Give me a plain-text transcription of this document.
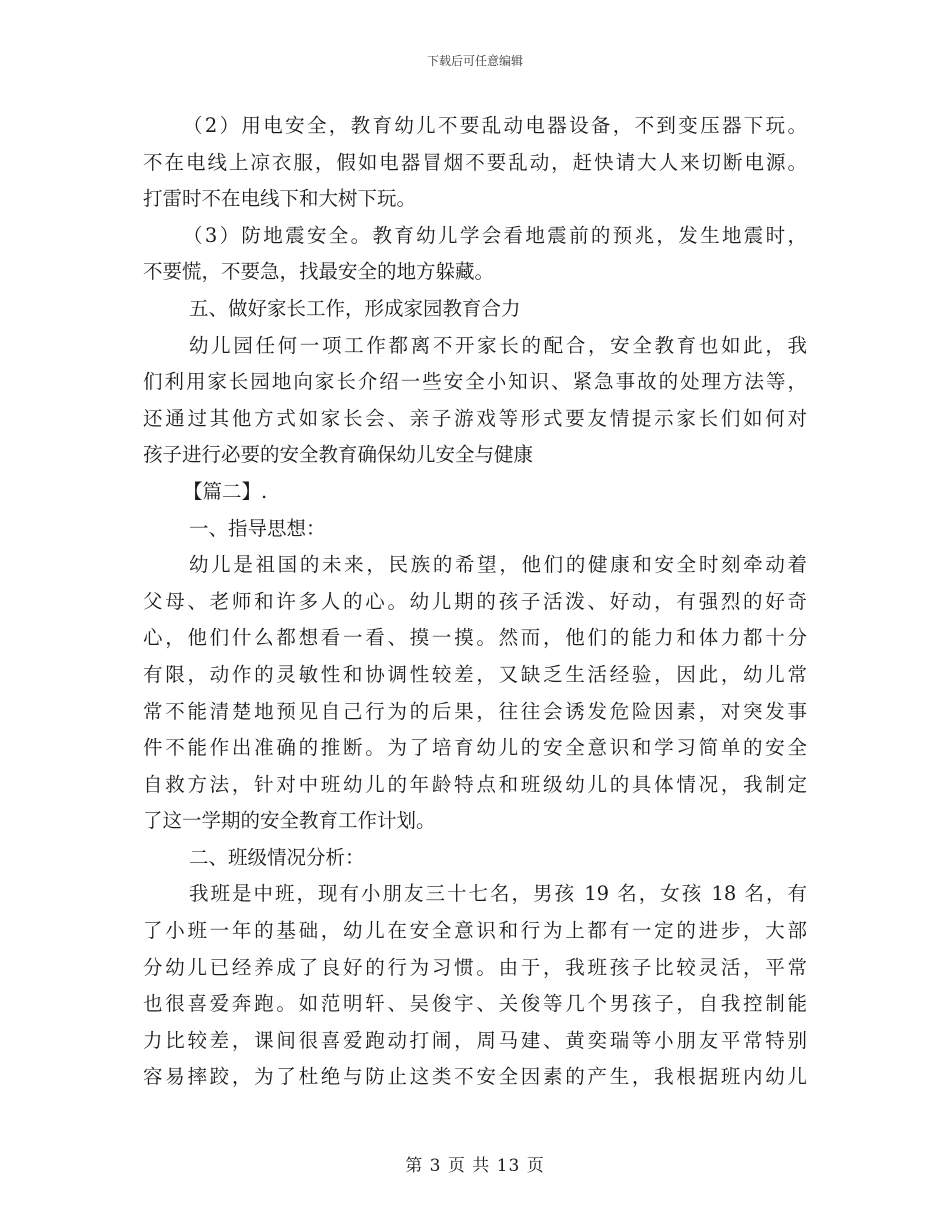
下载后可任意编辑
（2）用电安全，教育幼儿不要乱动电器设备，不到变压器下玩。
不在电线上凉衣服，假如电器冒烟不要乱动，赶快请大人来切断电源。
打雷时不在电线下和大树下玩。
（3）防地震安全。教育幼儿学会看地震前的预兆，发生地震时，
不要慌，不要急，找最安全的地方躲藏。
五、做好家长工作，形成家园教育合力
幼儿园任何一项工作都离不开家长的配合，安全教育也如此，我
们利用家长园地向家长介绍一些安全小知识、紧急事故的处理方法等，
还通过其他方式如家长会、亲子游戏等形式要友情提示家长们如何对
孩子进行必要的安全教育确保幼儿安全与健康
【篇二】.
一、指导思想：
幼儿是祖国的未来，民族的希望，他们的健康和安全时刻牵动着
父母、老师和许多人的心。幼儿期的孩子活泼、好动，有强烈的好奇
心，他们什么都想看一看、摸一摸。然而，他们的能力和体力都十分
有限，动作的灵敏性和协调性较差，又缺乏生活经验，因此，幼儿常
常不能清楚地预见自己行为的后果，往往会诱发危险因素，对突发事
件不能作出准确的推断。为了培育幼儿的安全意识和学习简单的安全
自救方法，针对中班幼儿的年龄特点和班级幼儿的具体情况，我制定
了这一学期的安全教育工作计划。
二、班级情况分析：
我班是中班，现有小朋友三十七名，男孩 19 名，女孩 18 名，有
了小班一年的基础，幼儿在安全意识和行为上都有一定的进步，大部
分幼儿已经养成了良好的行为习惯。由于，我班孩子比较灵活，平常
也很喜爱奔跑。如范明轩、吴俊宇、关俊等几个男孩子，自我控制能
力比较差，课间很喜爱跑动打闹，周马建、黄奕瑞等小朋友平常特别
容易摔跤，为了杜绝与防止这类不安全因素的产生，我根据班内幼儿
第 3 页 共 13 页
